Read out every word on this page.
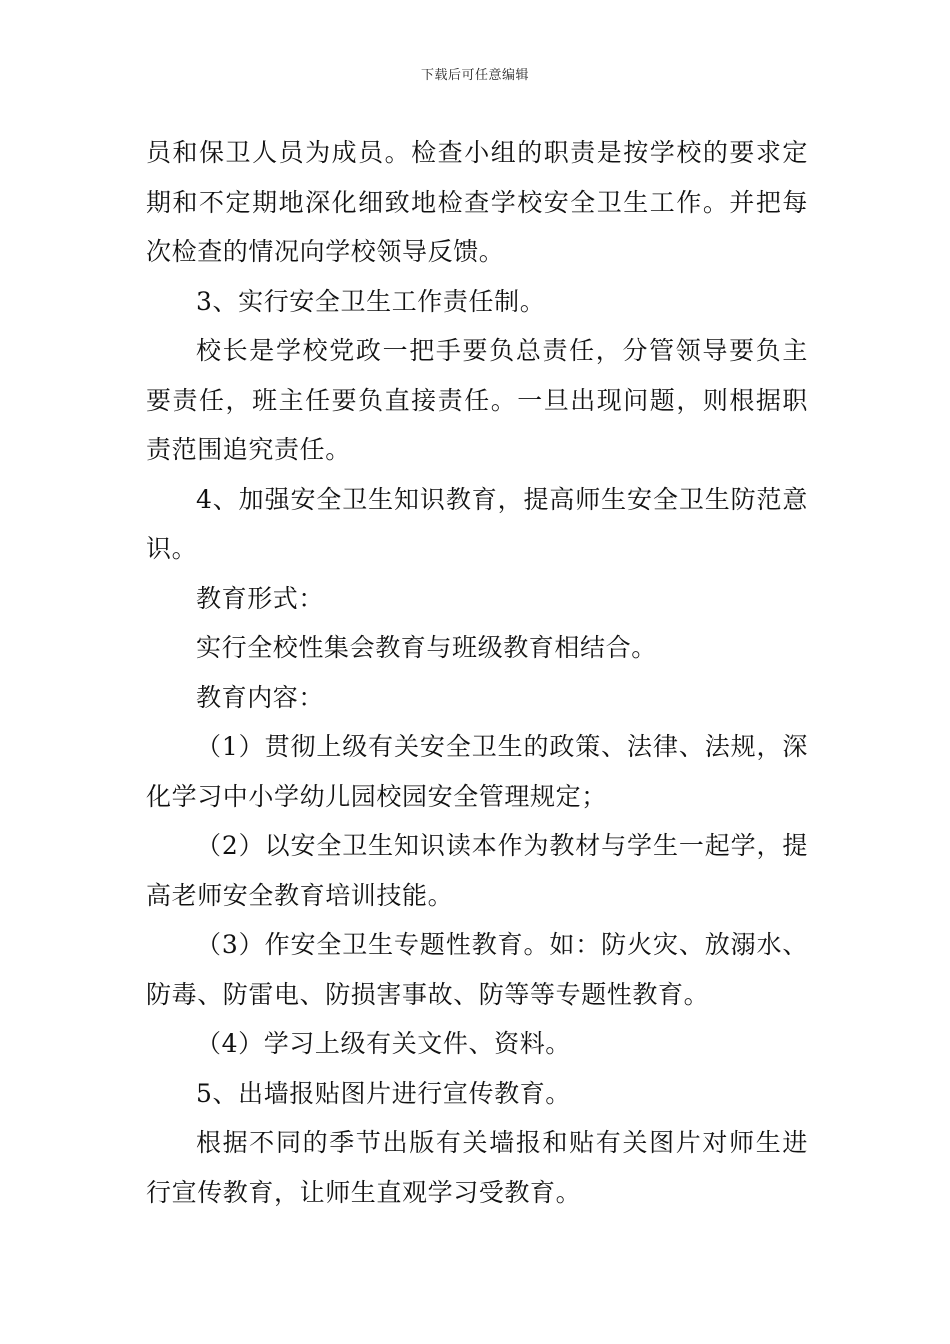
下载后可任意编辑

员和保卫人员为成员。检查小组的职责是按学校的要求定期和不定期地深化细致地检查学校安全卫生工作。并把每次检查的情况向学校领导反馈。

3、实行安全卫生工作责任制。

校长是学校党政一把手要负总责任，分管领导要负主要责任，班主任要负直接责任。一旦出现问题，则根据职责范围追究责任。

4、加强安全卫生知识教育，提高师生安全卫生防范意识。

教育形式：

实行全校性集会教育与班级教育相结合。

教育内容：

（1）贯彻上级有关安全卫生的政策、法律、法规，深化学习中小学幼儿园校园安全管理规定；

（2）以安全卫生知识读本作为教材与学生一起学，提高老师安全教育培训技能。

（3）作安全卫生专题性教育。如：防火灾、放溺水、防毒、防雷电、防损害事故、防等等专题性教育。

（4）学习上级有关文件、资料。

5、出墙报贴图片进行宣传教育。

根据不同的季节出版有关墙报和贴有关图片对师生进行宣传教育，让师生直观学习受教育。
